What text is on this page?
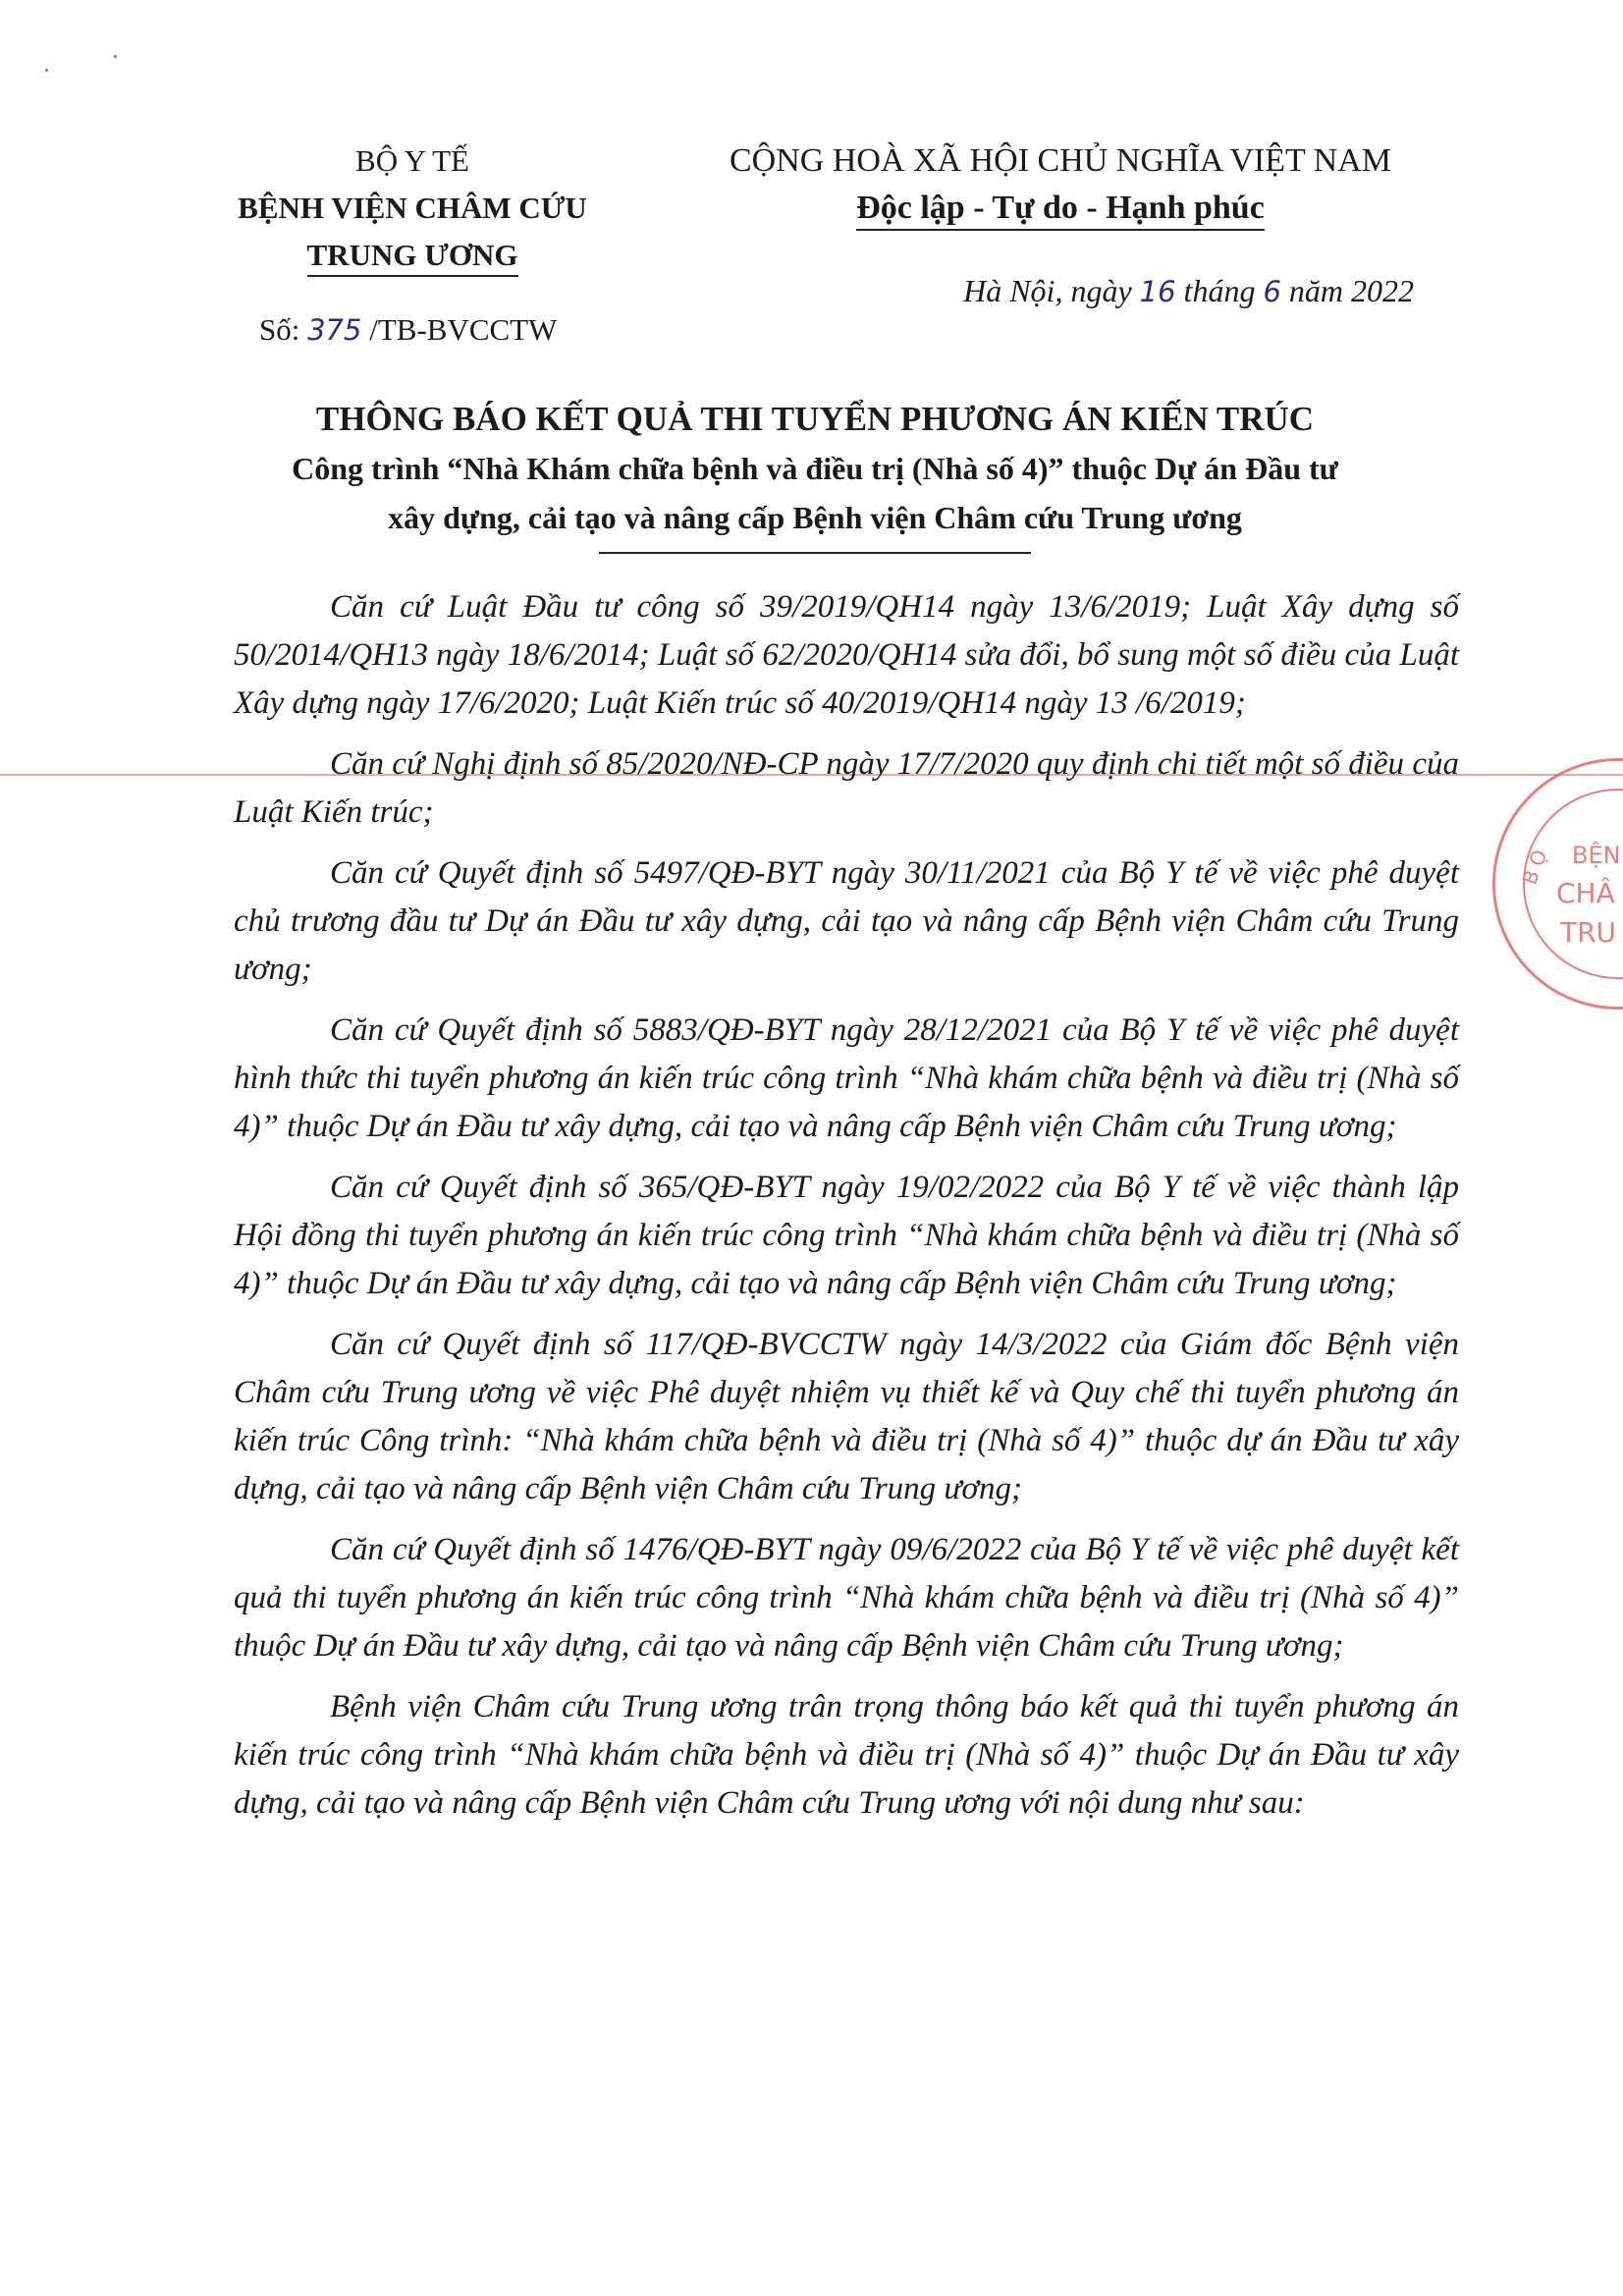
BỘ Y TẾ
BỆNH VIỆN CHÂM CỨU
TRUNG ƯƠNG
Số: 375 /TB-BVCCTW
CỘNG HOÀ XÃ HỘI CHỦ NGHĨA VIỆT NAM
Độc lập - Tự do - Hạnh phúc
Hà Nội, ngày 16 tháng 6 năm 2022
THÔNG BÁO KẾT QUẢ THI TUYỂN PHƯƠNG ÁN KIẾN TRÚC
Công trình “Nhà Khám chữa bệnh và điều trị (Nhà số 4)” thuộc Dự án Đầu tư
xây dựng, cải tạo và nâng cấp Bệnh viện Châm cứu Trung ương

Căn cứ Luật Đầu tư công số 39/2019/QH14 ngày 13/6/2019; Luật Xây dựng số 50/2014/QH13 ngày 18/6/2014; Luật số 62/2020/QH14 sửa đổi, bổ sung một số điều của Luật Xây dựng ngày 17/6/2020; Luật Kiến trúc số 40/2019/QH14 ngày 13 /6/2019;

Căn cứ Nghị định số 85/2020/NĐ-CP ngày 17/7/2020 quy định chi tiết một số điều của Luật Kiến trúc;

Căn cứ Quyết định số 5497/QĐ-BYT ngày 30/11/2021 của Bộ Y tế về việc phê duyệt chủ trương đầu tư Dự án Đầu tư xây dựng, cải tạo và nâng cấp Bệnh viện Châm cứu Trung ương;

Căn cứ Quyết định số 5883/QĐ-BYT ngày 28/12/2021 của Bộ Y tế về việc phê duyệt hình thức thi tuyển phương án kiến trúc công trình “Nhà khám chữa bệnh và điều trị (Nhà số 4)” thuộc Dự án Đầu tư xây dựng, cải tạo và nâng cấp Bệnh viện Châm cứu Trung ương;

Căn cứ Quyết định số 365/QĐ-BYT ngày 19/02/2022 của Bộ Y tế về việc thành lập Hội đồng thi tuyển phương án kiến trúc công trình “Nhà khám chữa bệnh và điều trị (Nhà số 4)” thuộc Dự án Đầu tư xây dựng, cải tạo và nâng cấp Bệnh viện Châm cứu Trung ương;

Căn cứ Quyết định số 117/QĐ-BVCCTW ngày 14/3/2022 của Giám đốc Bệnh viện Châm cứu Trung ương về việc Phê duyệt nhiệm vụ thiết kế và Quy chế thi tuyển phương án kiến trúc Công trình: “Nhà khám chữa bệnh và điều trị (Nhà số 4)” thuộc dự án Đầu tư xây dựng, cải tạo và nâng cấp Bệnh viện Châm cứu Trung ương;

Căn cứ Quyết định số 1476/QĐ-BYT ngày 09/6/2022 của Bộ Y tế về việc phê duyệt kết quả thi tuyển phương án kiến trúc công trình “Nhà khám chữa bệnh và điều trị (Nhà số 4)” thuộc Dự án Đầu tư xây dựng, cải tạo và nâng cấp Bệnh viện Châm cứu Trung ương;

Bệnh viện Châm cứu Trung ương trân trọng thông báo kết quả thi tuyển phương án kiến trúc công trình “Nhà khám chữa bệnh và điều trị (Nhà số 4)” thuộc Dự án Đầu tư xây dựng, cải tạo và nâng cấp Bệnh viện Châm cứu Trung ương với nội dung như sau:

B Ộ BỆN
CHÂ
TRU
